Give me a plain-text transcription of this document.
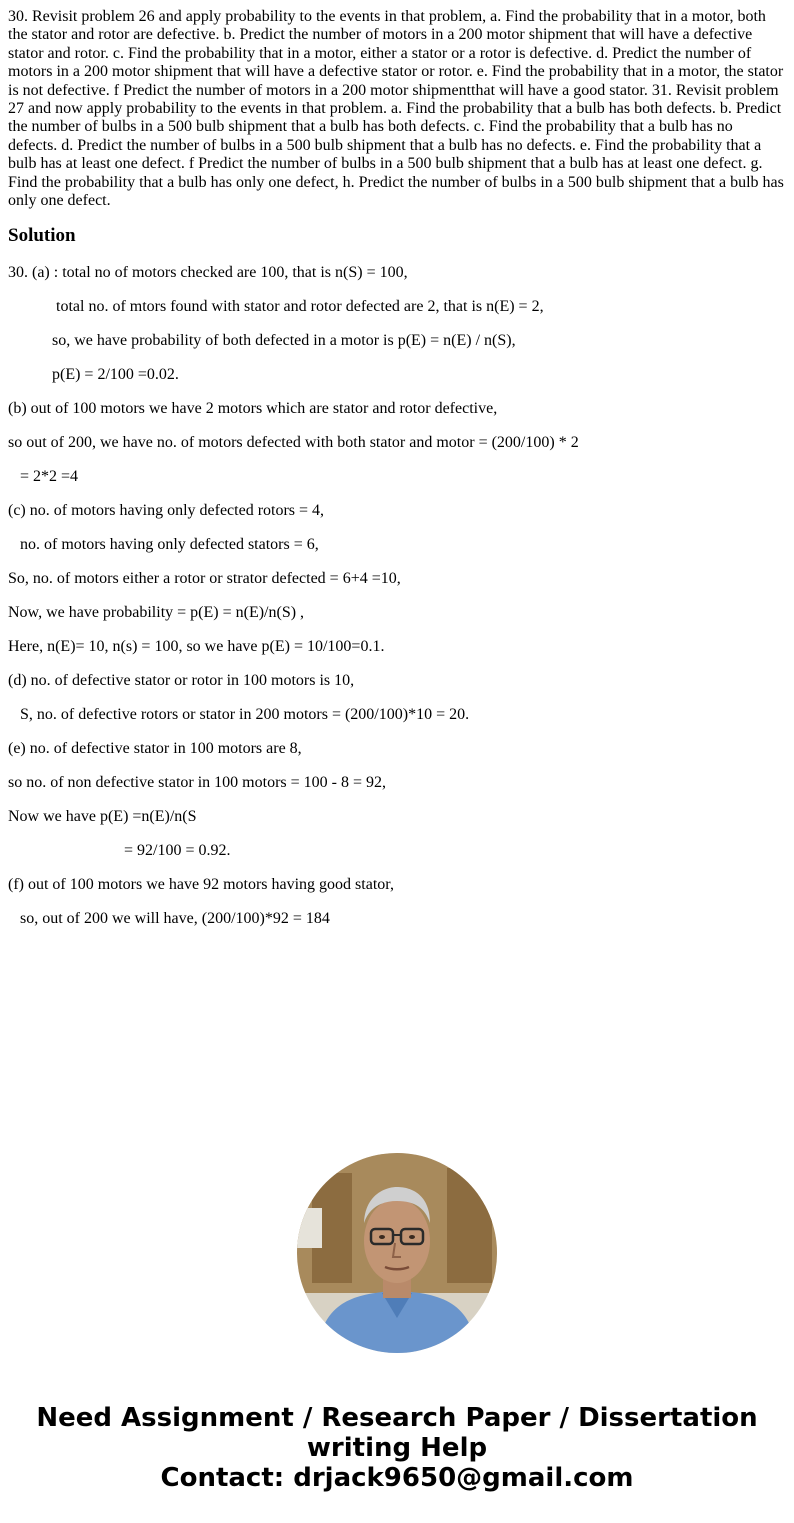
30. Revisit problem 26 and apply probability to the events in that problem, a. Find the probability that in a motor, both the stator and rotor are defective. b. Predict the number of motors in a 200 motor shipment that will have a defective stator and rotor. c. Find the probability that in a motor, either a stator or a rotor is defective. d. Predict the number of motors in a 200 motor shipment that will have a defective stator or rotor. e. Find the probability that in a motor, the stator is not defective. f Predict the number of motors in a 200 motor shipmentthat will have a good stator. 31. Revisit problem 27 and now apply probability to the events in that problem. a. Find the probability that a bulb has both defects. b. Predict the number of bulbs in a 500 bulb shipment that a bulb has both defects. c. Find the probability that a bulb has no defects. d. Predict the number of bulbs in a 500 bulb shipment that a bulb has no defects. e. Find the probability that a bulb has at least one defect. f Predict the number of bulbs in a 500 bulb shipment that a bulb has at least one defect. g. Find the probability that a bulb has only one defect, h. Predict the number of bulbs in a 500 bulb shipment that a bulb has only one defect.

Solution

30. (a) : total no of motors checked are 100, that is n(S) = 100,

total no. of mtors found with stator and rotor defected are 2, that is n(E) = 2,

so, we have probability of both defected in a motor is p(E) = n(E) / n(S),

p(E) = 2/100 =0.02.

(b) out of 100 motors we have 2 motors which are stator and rotor defective,

so out of 200, we have no. of motors defected with both stator and motor = (200/100) * 2

= 2*2 =4

(c) no. of motors having only defected rotors = 4,

no. of motors having only defected stators = 6,

So, no. of motors either a rotor or strator defected = 6+4 =10,

Now, we have probability = p(E) = n(E)/n(S) ,

Here, n(E)= 10, n(s) = 100, so we have p(E) = 10/100=0.1.

(d) no. of defective stator or rotor in 100 motors is 10,

S, no. of defective rotors or stator in 200 motors = (200/100)*10 = 20.

(e) no. of defective stator in 100 motors are 8,

so no. of non defective stator in 100 motors = 100 - 8 = 92,

Now we have p(E) =n(E)/n(S

= 92/100 = 0.92.

(f) out of 100 motors we have 92 motors having good stator,

so, out of 200 we will have, (200/100)*92 = 184

Need Assignment / Research Paper / Dissertation
writing Help
Contact: drjack9650@gmail.com
